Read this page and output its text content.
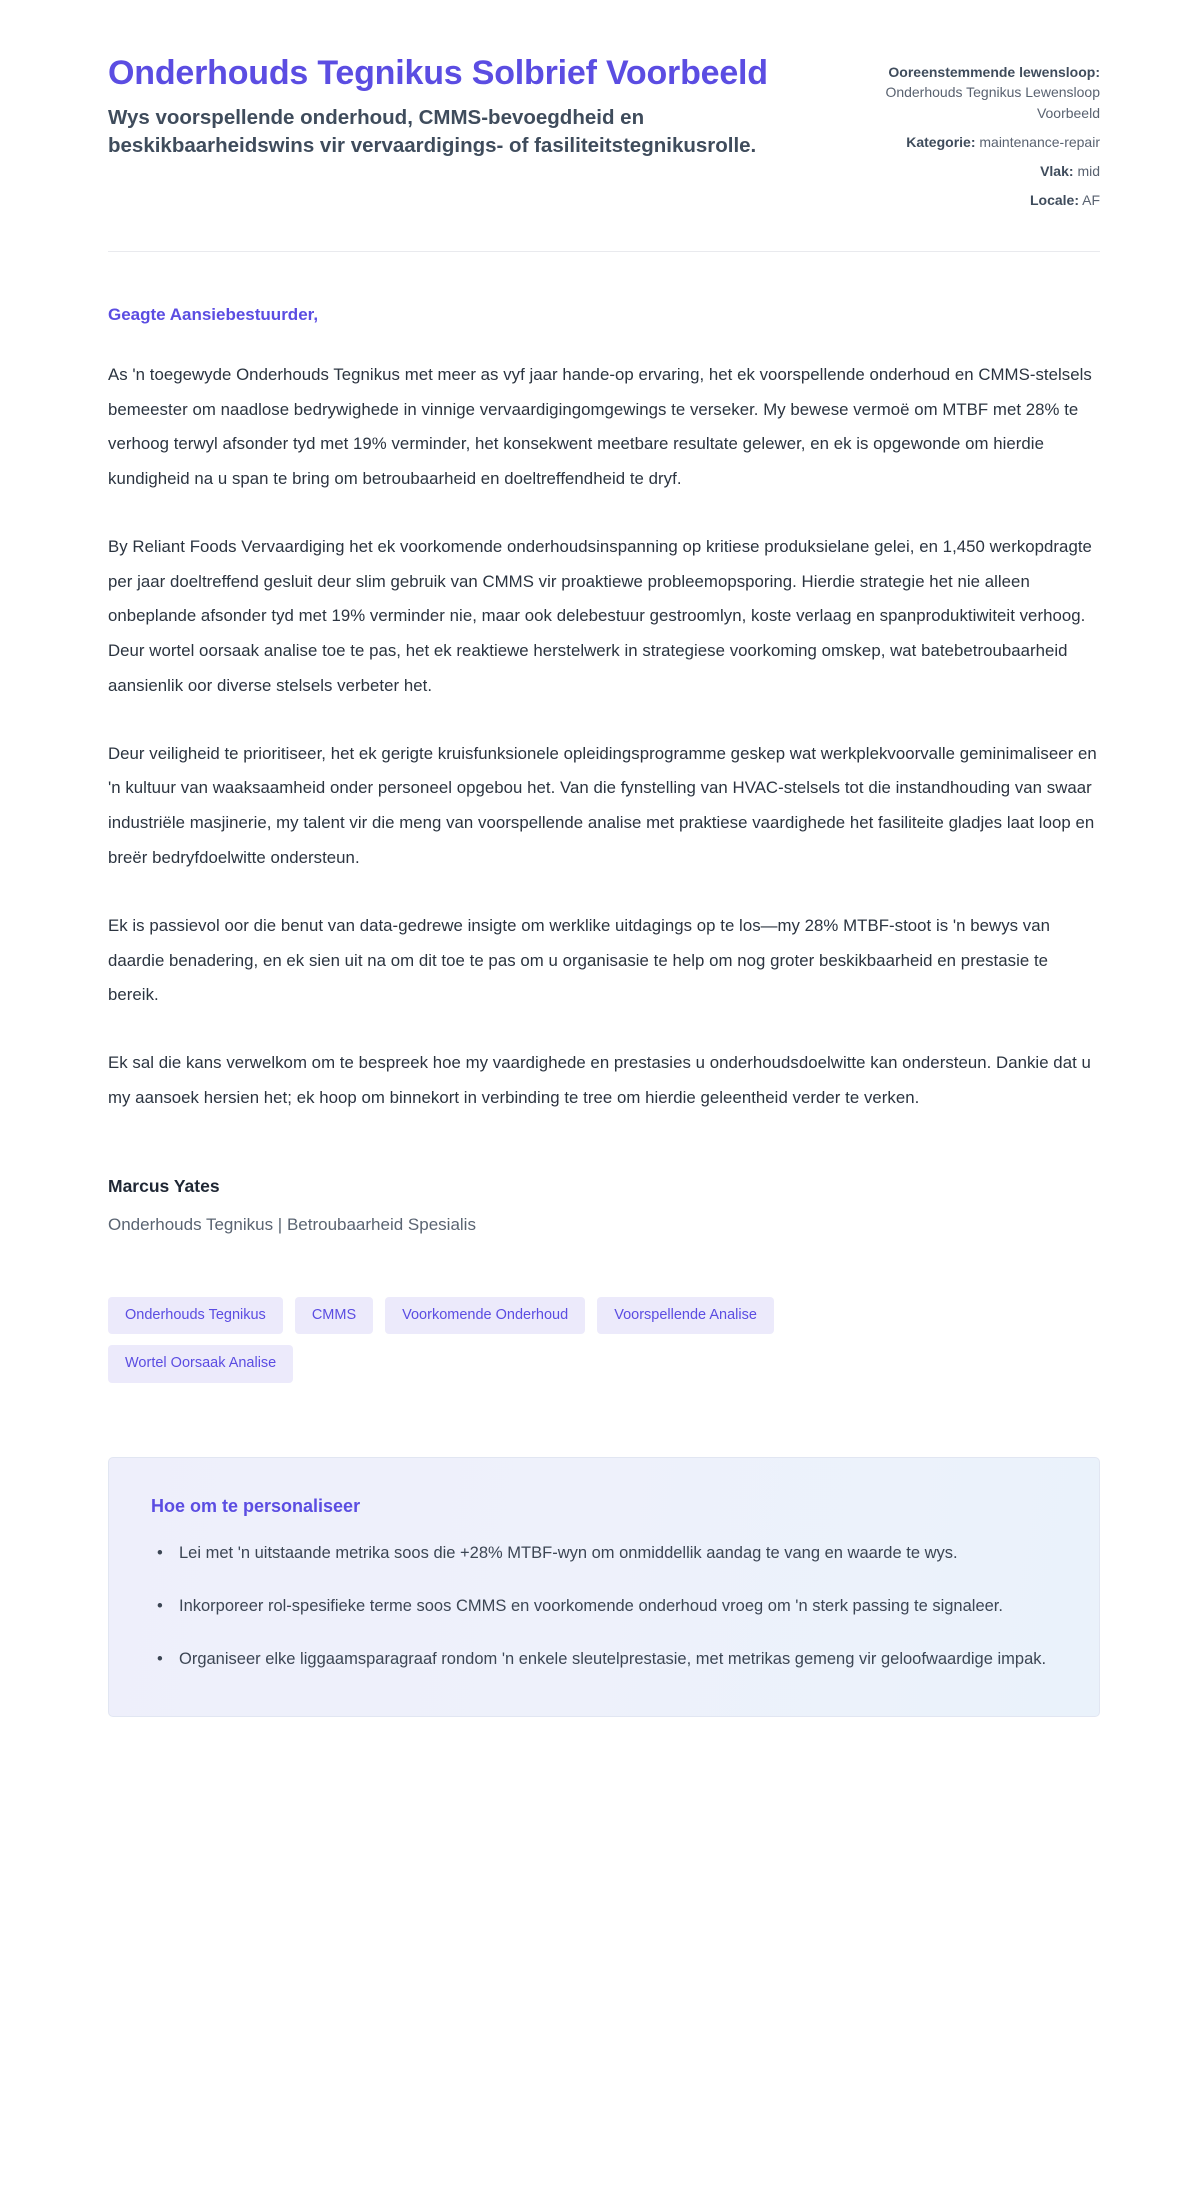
Onderhouds Tegnikus Solbrief Voorbeeld

Wys voorspellende onderhoud, CMMS-bevoegdheid en beskikbaarheidswins vir vervaardigings- of fasiliteitstegnikusrolle.

Ooreenstemmende lewensloop: Onderhouds Tegnikus Lewensloop Voorbeeld
Kategorie: maintenance-repair
Vlak: mid
Locale: AF

Geagte Aansiebestuurder,

As 'n toegewyde Onderhouds Tegnikus met meer as vyf jaar hande-op ervaring, het ek voorspellende onderhoud en CMMS-stelsels bemeester om naadlose bedrywighede in vinnige vervaardigingomgewings te verseker. My bewese vermoë om MTBF met 28% te verhoog terwyl afsonder tyd met 19% verminder, het konsekwent meetbare resultate gelewer, en ek is opgewonde om hierdie kundigheid na u span te bring om betroubaarheid en doeltreffendheid te dryf.

By Reliant Foods Vervaardiging het ek voorkomende onderhoudsinspanning op kritiese produksielane gelei, en 1,450 werkopdragte per jaar doeltreffend gesluit deur slim gebruik van CMMS vir proaktiewe probleemopsporing. Hierdie strategie het nie alleen onbeplande afsonder tyd met 19% verminder nie, maar ook delebestuur gestroomlyn, koste verlaag en spanproduktiwiteit verhoog. Deur wortel oorsaak analise toe te pas, het ek reaktiewe herstelwerk in strategiese voorkoming omskep, wat batebetroubaarheid aansienlik oor diverse stelsels verbeter het.

Deur veiligheid te prioritiseer, het ek gerigte kruisfunksionele opleidingsprogramme geskep wat werkplekvoorvalle geminimaliseer en 'n kultuur van waaksaamheid onder personeel opgebou het. Van die fynstelling van HVAC-stelsels tot die instandhouding van swaar industriële masjinerie, my talent vir die meng van voorspellende analise met praktiese vaardighede het fasiliteite gladjes laat loop en breër bedryfdoelwitte ondersteun.

Ek is passievol oor die benut van data-gedrewe insigte om werklike uitdagings op te los—my 28% MTBF-stoot is 'n bewys van daardie benadering, en ek sien uit na om dit toe te pas om u organisasie te help om nog groter beskikbaarheid en prestasie te bereik.

Ek sal die kans verwelkom om te bespreek hoe my vaardighede en prestasies u onderhoudsdoelwitte kan ondersteun. Dankie dat u my aansoek hersien het; ek hoop om binnekort in verbinding te tree om hierdie geleentheid verder te verken.

Marcus Yates
Onderhouds Tegnikus | Betroubaarheid Spesialis
Onderhouds Tegnikus	CMMS	Voorkomende Onderhoud	Voorspellende Analise
Wortel Oorsaak Analise
Hoe om te personaliseer
• Lei met 'n uitstaande metrika soos die +28% MTBF-wyn om onmiddellik aandag te vang en waarde te wys.
• Inkorporeer rol-spesifieke terme soos CMMS en voorkomende onderhoud vroeg om 'n sterk passing te signaleer.
• Organiseer elke liggaamsparagraaf rondom 'n enkele sleutelprestasie, met metrikas gemeng vir geloofwaardige impak.
